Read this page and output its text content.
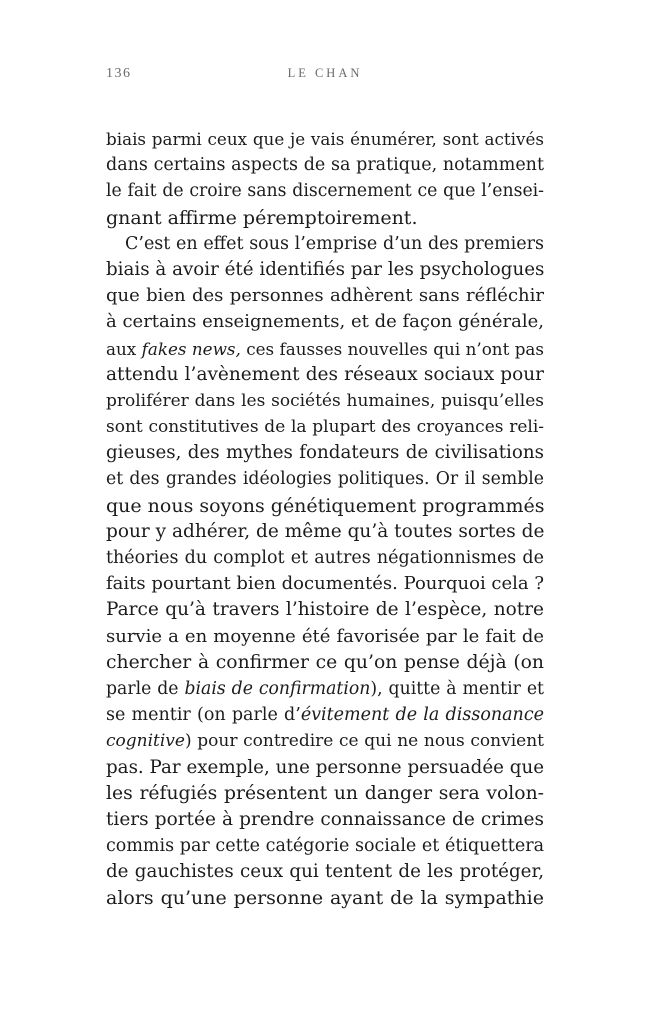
136	LE CHAN
biais parmi ceux que je vais énumérer, sont activés
dans certains aspects de sa pratique, notamment
le fait de croire sans discernement ce que l’ensei-
gnant affirme péremptoirement.
C’est en effet sous l’emprise d’un des premiers
biais à avoir été identifiés par les psychologues
que bien des personnes adhèrent sans réfléchir
à certains enseignements, et de façon générale,
aux fakes news, ces fausses nouvelles qui n’ont pas
attendu l’avènement des réseaux sociaux pour
proliférer dans les sociétés humaines, puisqu’elles
sont constitutives de la plupart des croyances reli-
gieuses, des mythes fondateurs de civilisations
et des grandes idéologies politiques. Or il semble
que nous soyons génétiquement programmés
pour y adhérer, de même qu’à toutes sortes de
théories du complot et autres négationnismes de
faits pourtant bien documentés. Pourquoi cela ?
Parce qu’à travers l’histoire de l’espèce, notre
survie a en moyenne été favorisée par le fait de
chercher à confirmer ce qu’on pense déjà (on
parle de biais de confirmation), quitte à mentir et
se mentir (on parle d’évitement de la dissonance
cognitive) pour contredire ce qui ne nous convient
pas. Par exemple, une personne persuadée que
les réfugiés présentent un danger sera volon-
tiers portée à prendre connaissance de crimes
commis par cette catégorie sociale et étiquettera
de gauchistes ceux qui tentent de les protéger,
alors qu’une personne ayant de la sympathie
